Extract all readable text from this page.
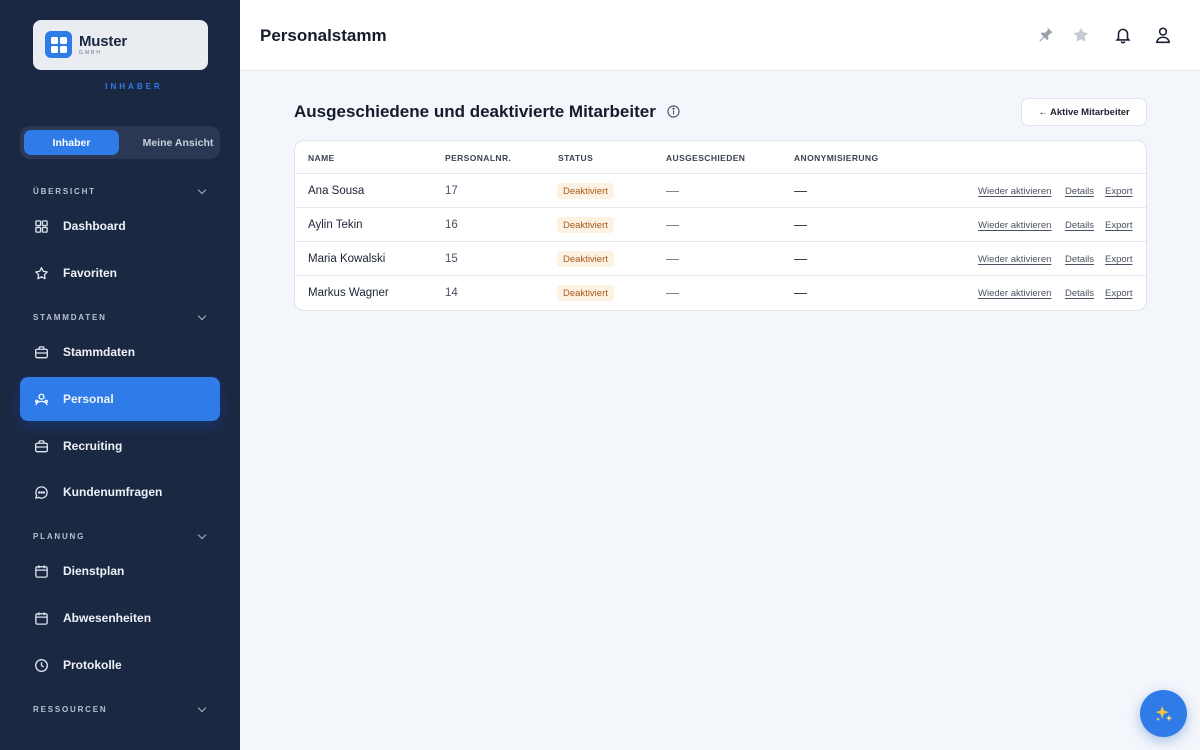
Muster
GMBH
INHABER
Inhaber	Meine Ansicht
ÜBERSICHT
Dashboard
Favoriten
STAMMDATEN
Stammdaten
Personal
Recruiting
Kundenumfragen
PLANUNG
Dienstplan
Abwesenheiten
Protokolle
RESSOURCEN
Personalstamm
Ausgeschiedene und deaktivierte Mitarbeiter	← Aktive Mitarbeiter
NAME	PERSONALNR.	STATUS	AUSGESCHIEDEN	ANONYMISIERUNG
Ana Sousa	17	Deaktiviert	—	—	Wieder aktivieren Details Export
Aylin Tekin	16	Deaktiviert	—	—	Wieder aktivieren Details Export
Maria Kowalski	15	Deaktiviert	—	—	Wieder aktivieren Details Export
Markus Wagner	14	Deaktiviert	—	—	Wieder aktivieren Details Export
